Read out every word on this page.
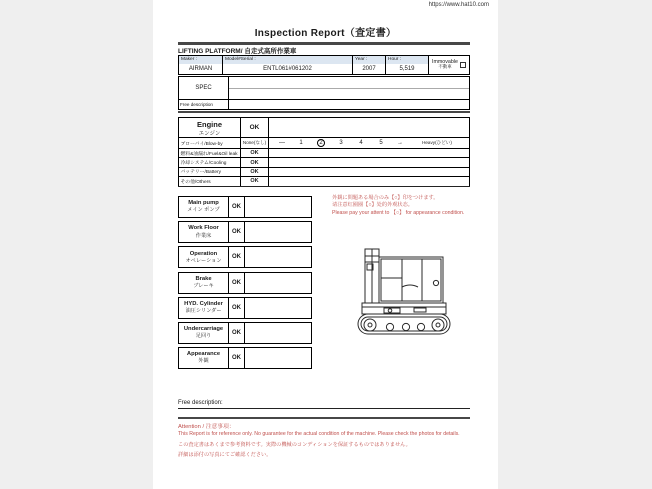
https://www.hat10.com
Inspection Report（査定書）
LIFTING PLATFORM/ 自走式高所作業車
Maker :	Model#Serial :	Year :	Hour :
AIRMAN	ENTL061#061202	2007	5,519
Immovable
不動車
SPEC
Free description
Engine
エンジン
OK
ブローバイ/Blow-by	None(なし)	—	1	2	3	4	5	→	Heavy(ひどい)
燃料&油漏れ/Fuel&Oil leak	OK
冷却システム/Cooling	OK
バッテリー/Battery	OK
その他/Others	OK
Main pump
メイン ポンプ
OK
Work Floor
作業床
OK
Operation
オペレーション
OK
Brake
ブレーキ
OK
HYD. Cylinder
油圧シリンダー
OK
Undercarriage
足回り
OK
Appearance
外観
OK
外観に問題ある場合のみ【○】印をつけます。
请注意红圈圈【○】处的外观状态。
Please pay your attent to 【○】 for appearance condition.
Free description:
Attention / 注意事項：
This Report is for reference only. No guarantee for the actual condition of the machine. Please check the photos for details.
この査定書はあくまで参考資料です。実際の機械のコンディションを保証するものではありません。
詳細は添付の写真にてご確認ください。
